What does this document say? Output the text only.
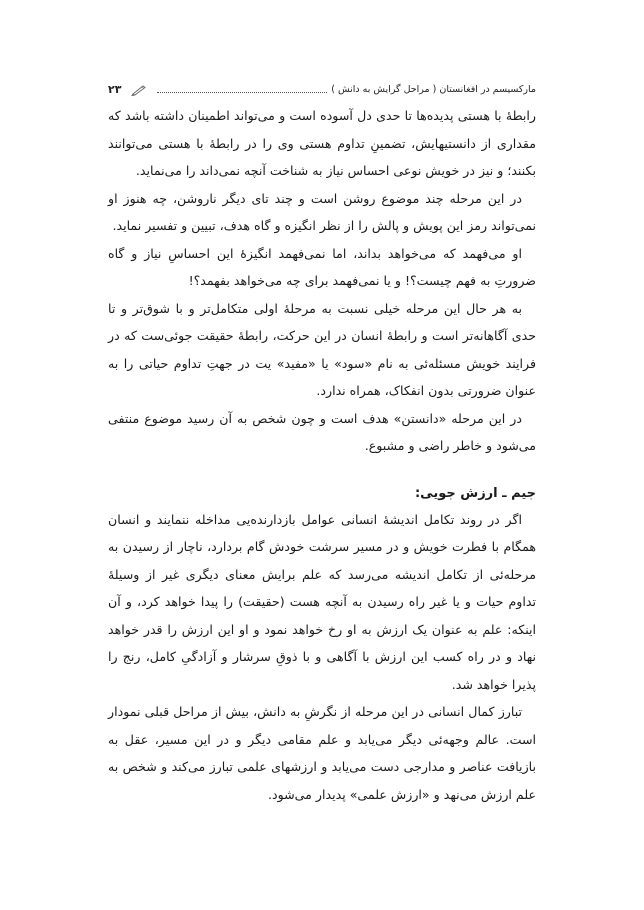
مارکسیسم در افغانستان ( مراحل گرایش به دانش )
۲۳

رابطهٔ با هستی پدیده‌ها تا حدی دل آسوده است و می‌تواند اطمینان داشته باشد که مقداری از دانستیهایش، تضمینِ تداوم هستی وی را در رابطهٔ با هستی می‌توانند بکنند؛ و نیز در خویش نوعی احساس نیاز به شناخت آنچه نمی‌داند را می‌نماید.

در این مرحله چند موضوع روشن است و چند تای دیگر ناروشن، چه هنوز او نمی‌تواند رمز این پویش و پالش را از نظر انگیزه و گاه هدف، تبیین و تفسیر نماید.

او می‌فهمد که می‌خواهد بداند، اما نمی‌فهمد انگیزهٔ این احساسِ نیاز و گاه ضرورتِ به فهم چیست؟! و یا نمی‌فهمد برای چه می‌خواهد بفهمد؟!

به هر حال این مرحله خیلی نسبت به مرحلهٔ اولی متکامل‌تر و با شوق‌تر و تا حدی آگاهانه‌تر است و رابطهٔ انسان در این حرکت، رابطهٔ حقیقت جوئی‌ست که در فرایند خویش مسئله‌ئی به نام «سود» یا «مفید» یت در جهتِ تداوم حیاتی را به عنوان ضرورتی بدون انفکاک، همراه ندارد.

در این مرحله «دانستن» هدف است و چون شخص به آن رسید موضوع منتفی می‌شود و خاطر راضی و مشبوع.

جیم ـ ارزش جویی:

اگر در روند تکامل اندیشهٔ انسانی عوامل بازدارنده‌یی مداخله ننمایند و انسان همگام با فطرت خویش و در مسیر سرشت خودش گام بردارد، ناچار از رسیدن به مرحله‌ئی از تکامل اندیشه می‌رسد که علم برایش معنای دیگری غیر از وسیلهٔ تداوم حیات و یا غیر راه رسیدن به آنچه هست (حقیقت) را پیدا خواهد کرد، و آن اینکه: علم به عنوان یک ارزش به او رخ خواهد نمود و او این ارزش را قدر خواهد نهاد و در راه کسب این ارزش با آگاهی و با ذوقِ سرشار و آزادگیِ کامل، رنج را پذیرا خواهد شد.

تبارز کمال انسانی در این مرحله از نگرشِ به دانش، بیش از مراحل قبلی نمودار است. عالم وجهه‌ئی دیگر می‌یابد و علم مقامی دیگر و در این مسیر، عقل به بازیافت عناصر و مدارجی دست می‌یابد و ارزشهای علمی تبارز می‌کند و شخص به علم ارزش می‌نهد و «ارزش علمی» پدیدار می‌شود.
